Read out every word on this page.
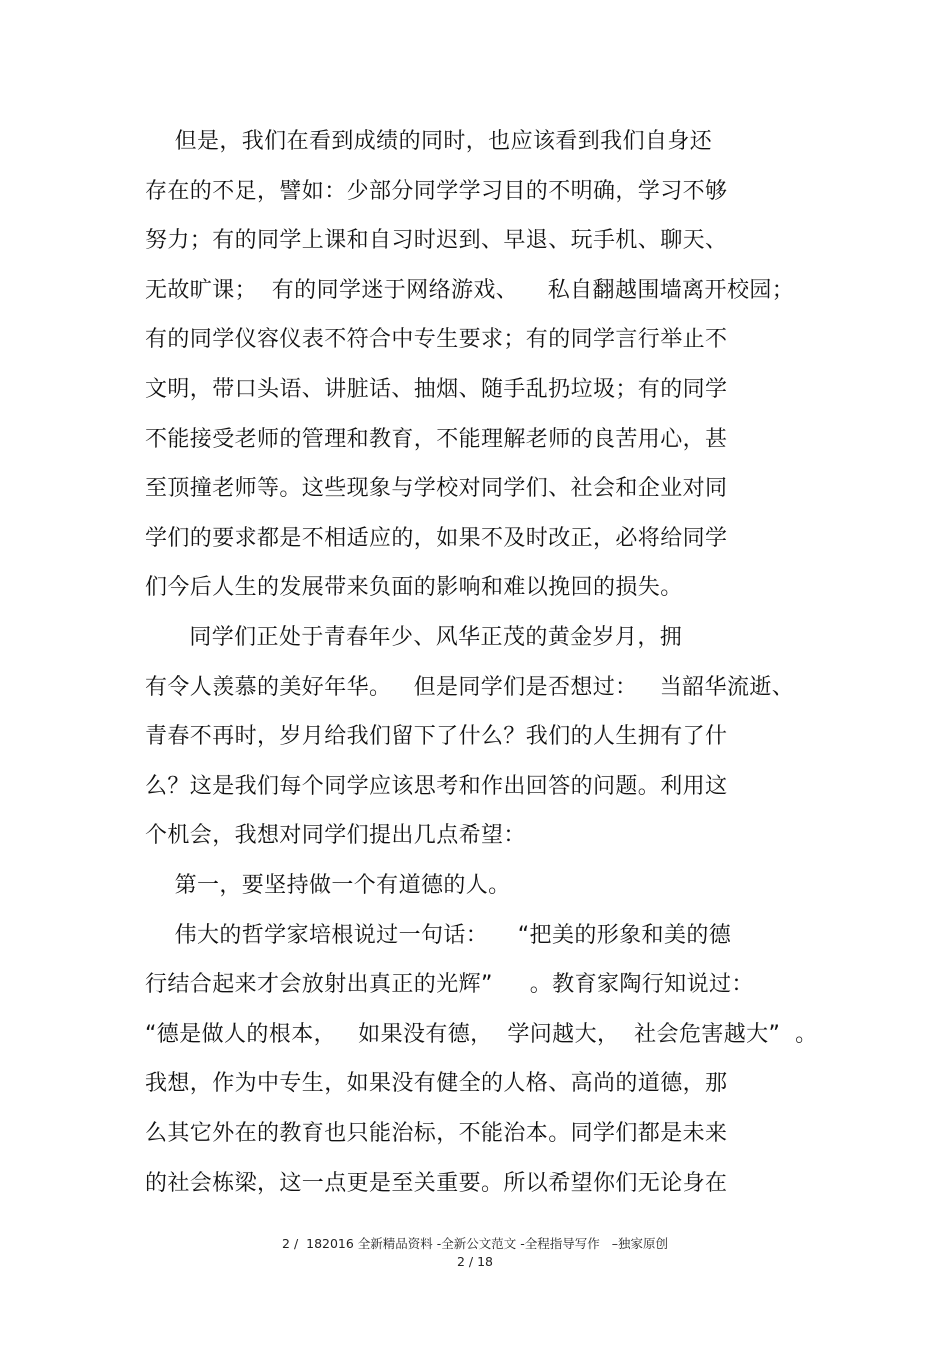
但是，我们在看到成绩的同时，也应该看到我们自身还
存在的不足，譬如：少部分同学学习目的不明确，学习不够
努力；有的同学上课和自习时迟到、早退、玩手机、聊天、
无故旷课；  有的同学迷于网络游戏、    私自翻越围墙离开校园；
有的同学仪容仪表不符合中专生要求；有的同学言行举止不
文明，带口头语、讲脏话、抽烟、随手乱扔垃圾；有的同学
不能接受老师的管理和教育，不能理解老师的良苦用心，甚
至顶撞老师等。这些现象与学校对同学们、社会和企业对同
学们的要求都是不相适应的，如果不及时改正，必将给同学
们今后人生的发展带来负面的影响和难以挽回的损失。
同学们正处于青春年少、风华正茂的黄金岁月，拥
有令人羡慕的美好年华。   但是同学们是否想过：   当韶华流逝、
青春不再时，岁月给我们留下了什么？我们的人生拥有了什
么？这是我们每个同学应该思考和作出回答的问题。利用这
个机会，我想对同学们提出几点希望：
第一，要坚持做一个有道德的人。
伟大的哲学家培根说过一句话：    “把美的形象和美的德
行结合起来才会放射出真正的光辉”     。教育家陶行知说过：
“德是做人的根本，   如果没有德，  学问越大，  社会危害越大”  。
我想，作为中专生，如果没有健全的人格、高尚的道德，那
么其它外在的教育也只能治标，不能治本。同学们都是未来
的社会栋梁，这一点更是至关重要。所以希望你们无论身在
2 /  182016 全新精品资料 -全新公文范文 -全程指导写作   –独家原创
2 / 18
